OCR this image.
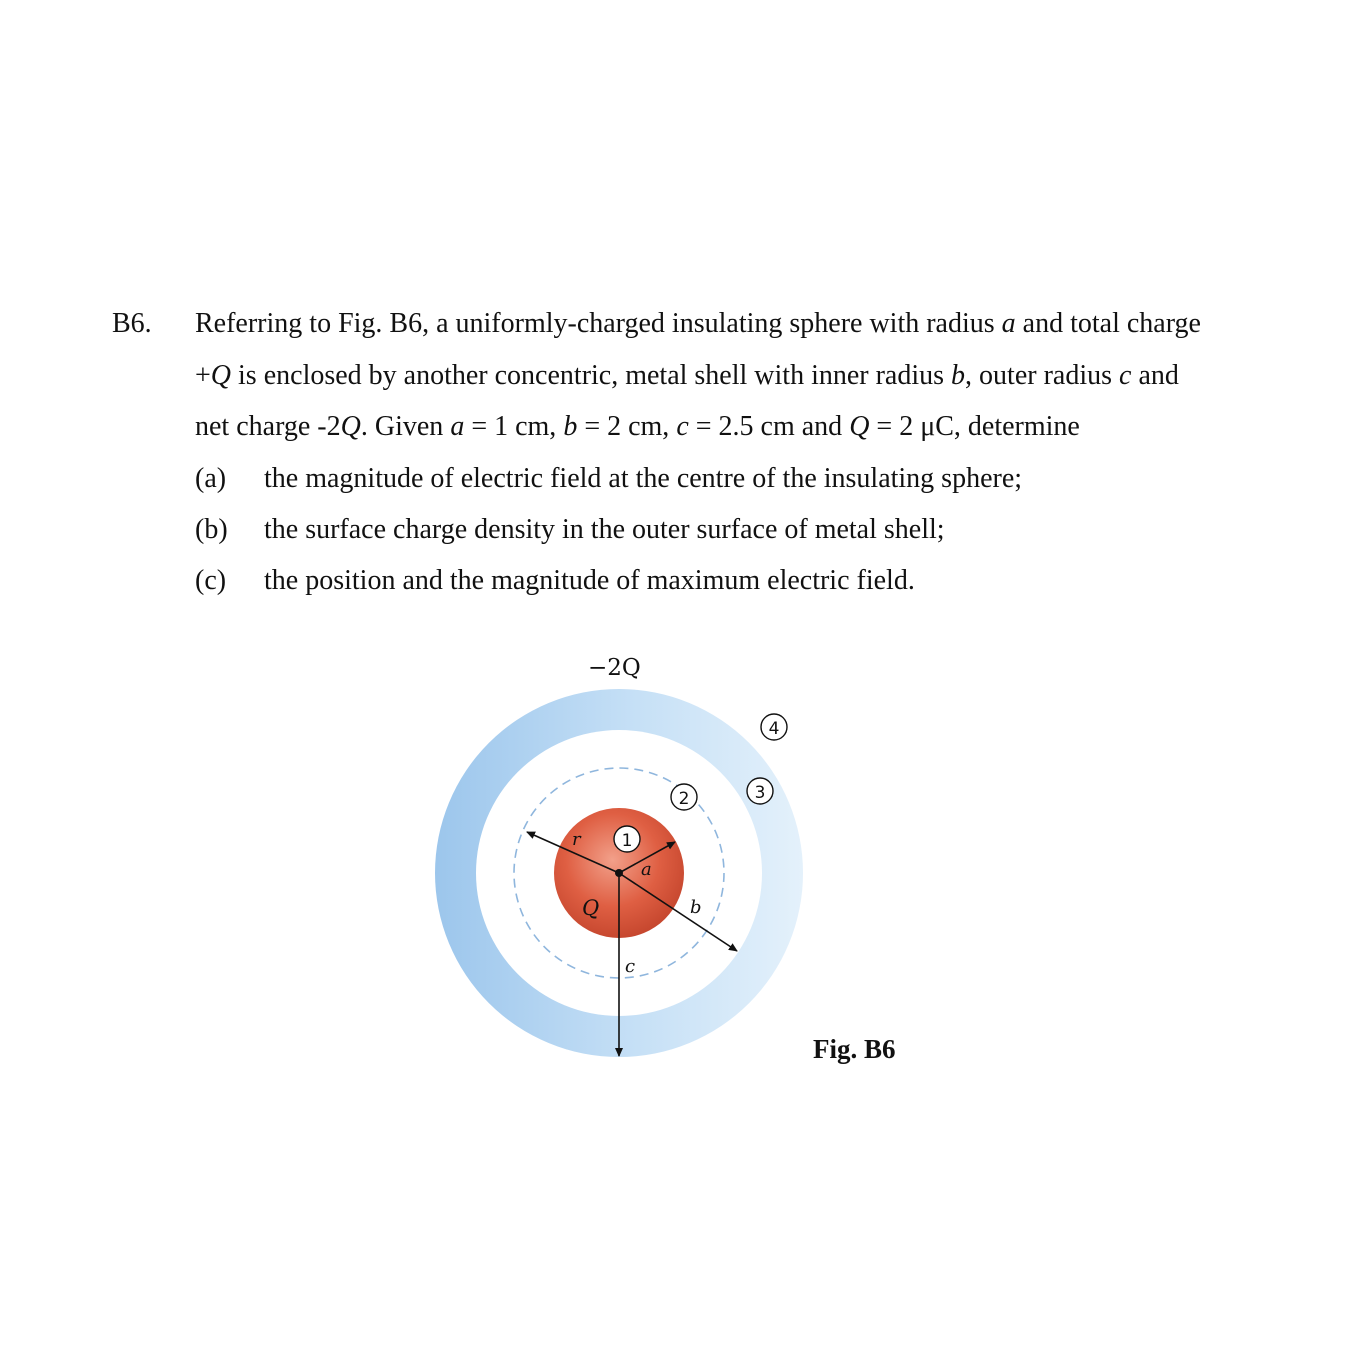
B6. Referring to Fig. B6, a uniformly-charged insulating sphere with radius a and total charge
+Q is enclosed by another concentric, metal shell with inner radius b, outer radius c and
net charge -2Q. Given a = 1 cm, b = 2 cm, c = 2.5 cm and Q = 2 μC, determine
(a) the magnitude of electric field at the centre of the insulating sphere;
(b) the surface charge density in the outer surface of metal shell;
(c) the position and the magnitude of maximum electric field.
−2Q
Q
r
a
b
c
1
2	3
4
Fig. B6
